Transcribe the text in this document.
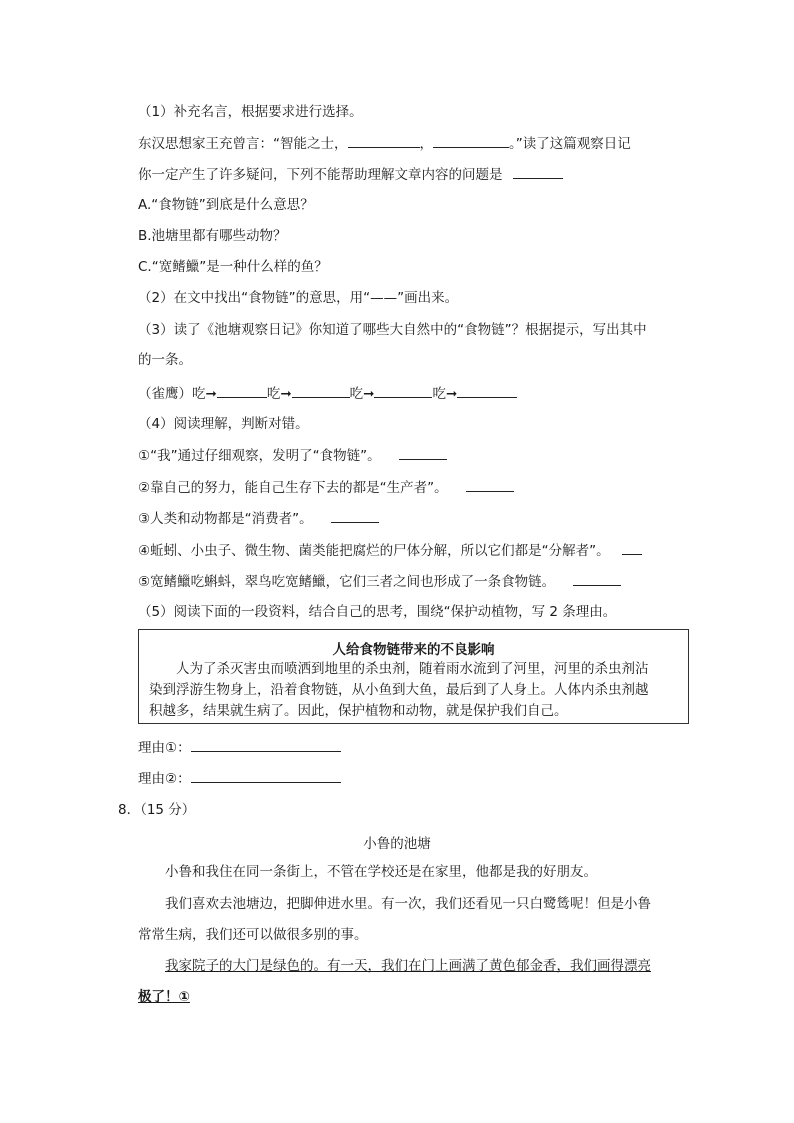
（1）补充名言，根据要求进行选择。
东汉思想家王充曾言：“智能之士，	，	。”读了这篇观察日记
你一定产生了许多疑问，下列不能帮助理解文章内容的问题是
A.“食物链”到底是什么意思？
B.池塘里都有哪些动物？
C.“宽鳍鱲”是一种什么样的鱼？
（2）在文中找出“食物链”的意思，用“——”画出来。
（3）读了《池塘观察日记》你知道了哪些大自然中的“食物链”？根据提示，写出其中
的一条。
（雀鹰）吃➞	吃➞	吃➞	吃➞
（4）阅读理解，判断对错。
①“我”通过仔细观察，发明了“食物链”。
②靠自己的努力，能自己生存下去的都是“生产者”。
③人类和动物都是“消费者”。
④蚯蚓、小虫子、微生物、菌类能把腐烂的尸体分解，所以它们都是“分解者”。
⑤宽鳍鱲吃蝌蚪，翠鸟吃宽鳍鱲，它们三者之间也形成了一条食物链。
（5）阅读下面的一段资料，结合自己的思考，围绕“保护动植物，写 2 条理由。
人给食物链带来的不良影响
人为了杀灭害虫而喷洒到地里的杀虫剂，随着雨水流到了河里，河里的杀虫剂沾
染到浮游生物身上，沿着食物链，从小鱼到大鱼，最后到了人身上。人体内杀虫剂越
积越多，结果就生病了。因此，保护植物和动物，就是保护我们自己。
理由①：
理由②：
8．（15 分）
小鲁的池塘
小鲁和我住在同一条街上，不管在学校还是在家里，他都是我的好朋友。
我们喜欢去池塘边，把脚伸进水里。有一次，我们还看见一只白鹭鸶呢！但是小鲁
常常生病，我们还可以做很多别的事。
我家院子的大门是绿色的。有一天，我们在门上画满了黄色郁金香，我们画得漂亮
极了！①
